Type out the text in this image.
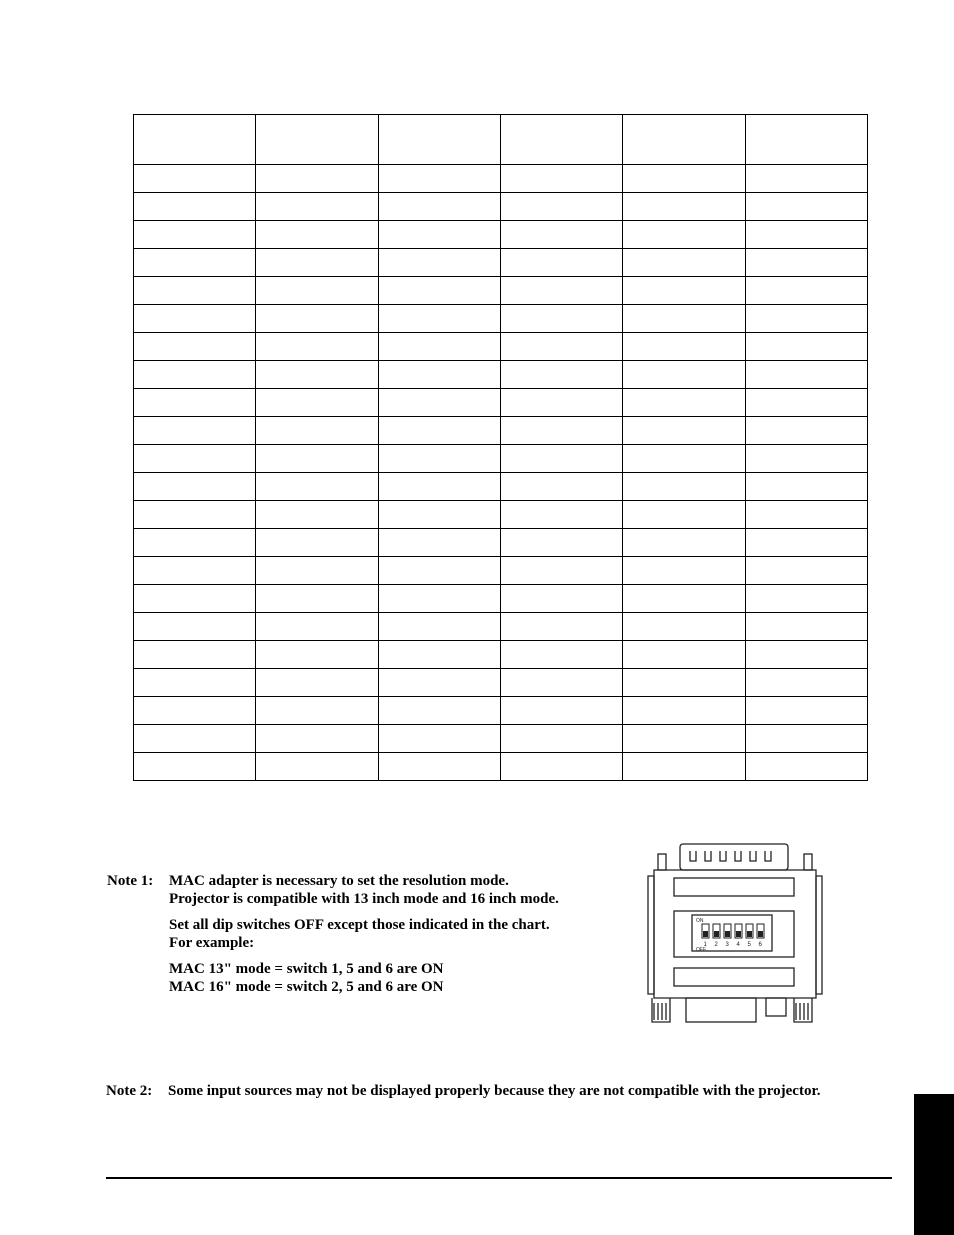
Note 1: MAC adapter is necessary to set the resolution mode.

Projector is compatible with 13 inch mode and 16 inch mode.

Set all dip switches OFF except those indicated in the chart.

For example:

MAC 13" mode = switch 1, 5 and 6 are ON

MAC 16" mode = switch 2, 5 and 6 are ON

Note 2: Some input sources may not be displayed properly because they are not compatible with the projector.
1 2 3 4 5 6
ON
OFF
